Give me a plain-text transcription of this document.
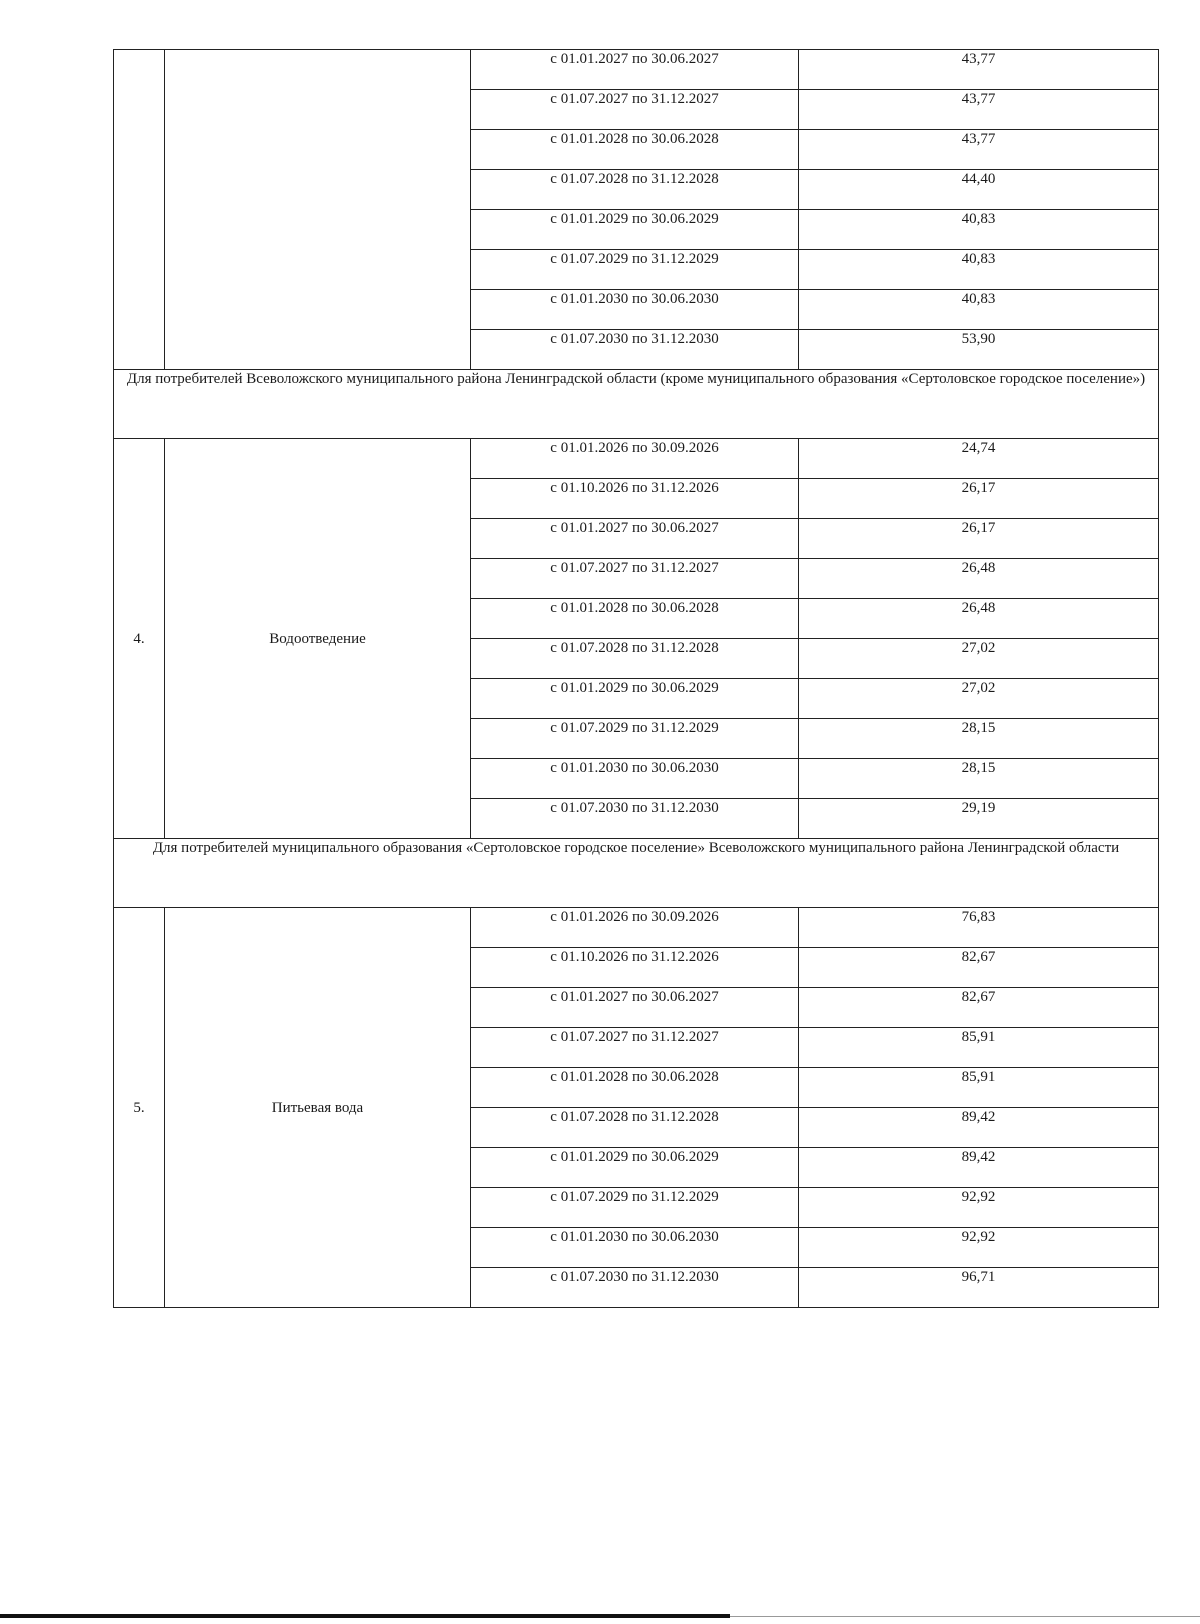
		с 01.01.2027 по 30.06.2027	43,77
		с 01.07.2027 по 31.12.2027	43,77
		с 01.01.2028 по 30.06.2028	43,77
		с 01.07.2028 по 31.12.2028	44,40
		с 01.01.2029 по 30.06.2029	40,83
		с 01.07.2029 по 31.12.2029	40,83
		с 01.01.2030 по 30.06.2030	40,83
		с 01.07.2030 по 31.12.2030	53,90
Для потребителей Всеволожского муниципального района Ленинградской области (кроме муниципального образования «Сертоловское городское поселение»)			
4.	Водоотведение	с 01.01.2026 по 30.09.2026	24,74
		с 01.10.2026 по 31.12.2026	26,17
		с 01.01.2027 по 30.06.2027	26,17
		с 01.07.2027 по 31.12.2027	26,48
		с 01.01.2028 по 30.06.2028	26,48
		с 01.07.2028 по 31.12.2028	27,02
		с 01.01.2029 по 30.06.2029	27,02
		с 01.07.2029 по 31.12.2029	28,15
		с 01.01.2030 по 30.06.2030	28,15
		с 01.07.2030 по 31.12.2030	29,19
Для потребителей муниципального образования «Сертоловское городское поселение» Всеволожского муниципального района Ленинградской области			
5.	Питьевая вода	с 01.01.2026 по 30.09.2026	76,83
		с 01.10.2026 по 31.12.2026	82,67
		с 01.01.2027 по 30.06.2027	82,67
		с 01.07.2027 по 31.12.2027	85,91
		с 01.01.2028 по 30.06.2028	85,91
		с 01.07.2028 по 31.12.2028	89,42
		с 01.01.2029 по 30.06.2029	89,42
		с 01.07.2029 по 31.12.2029	92,92
		с 01.01.2030 по 30.06.2030	92,92
		с 01.07.2030 по 31.12.2030	96,71
